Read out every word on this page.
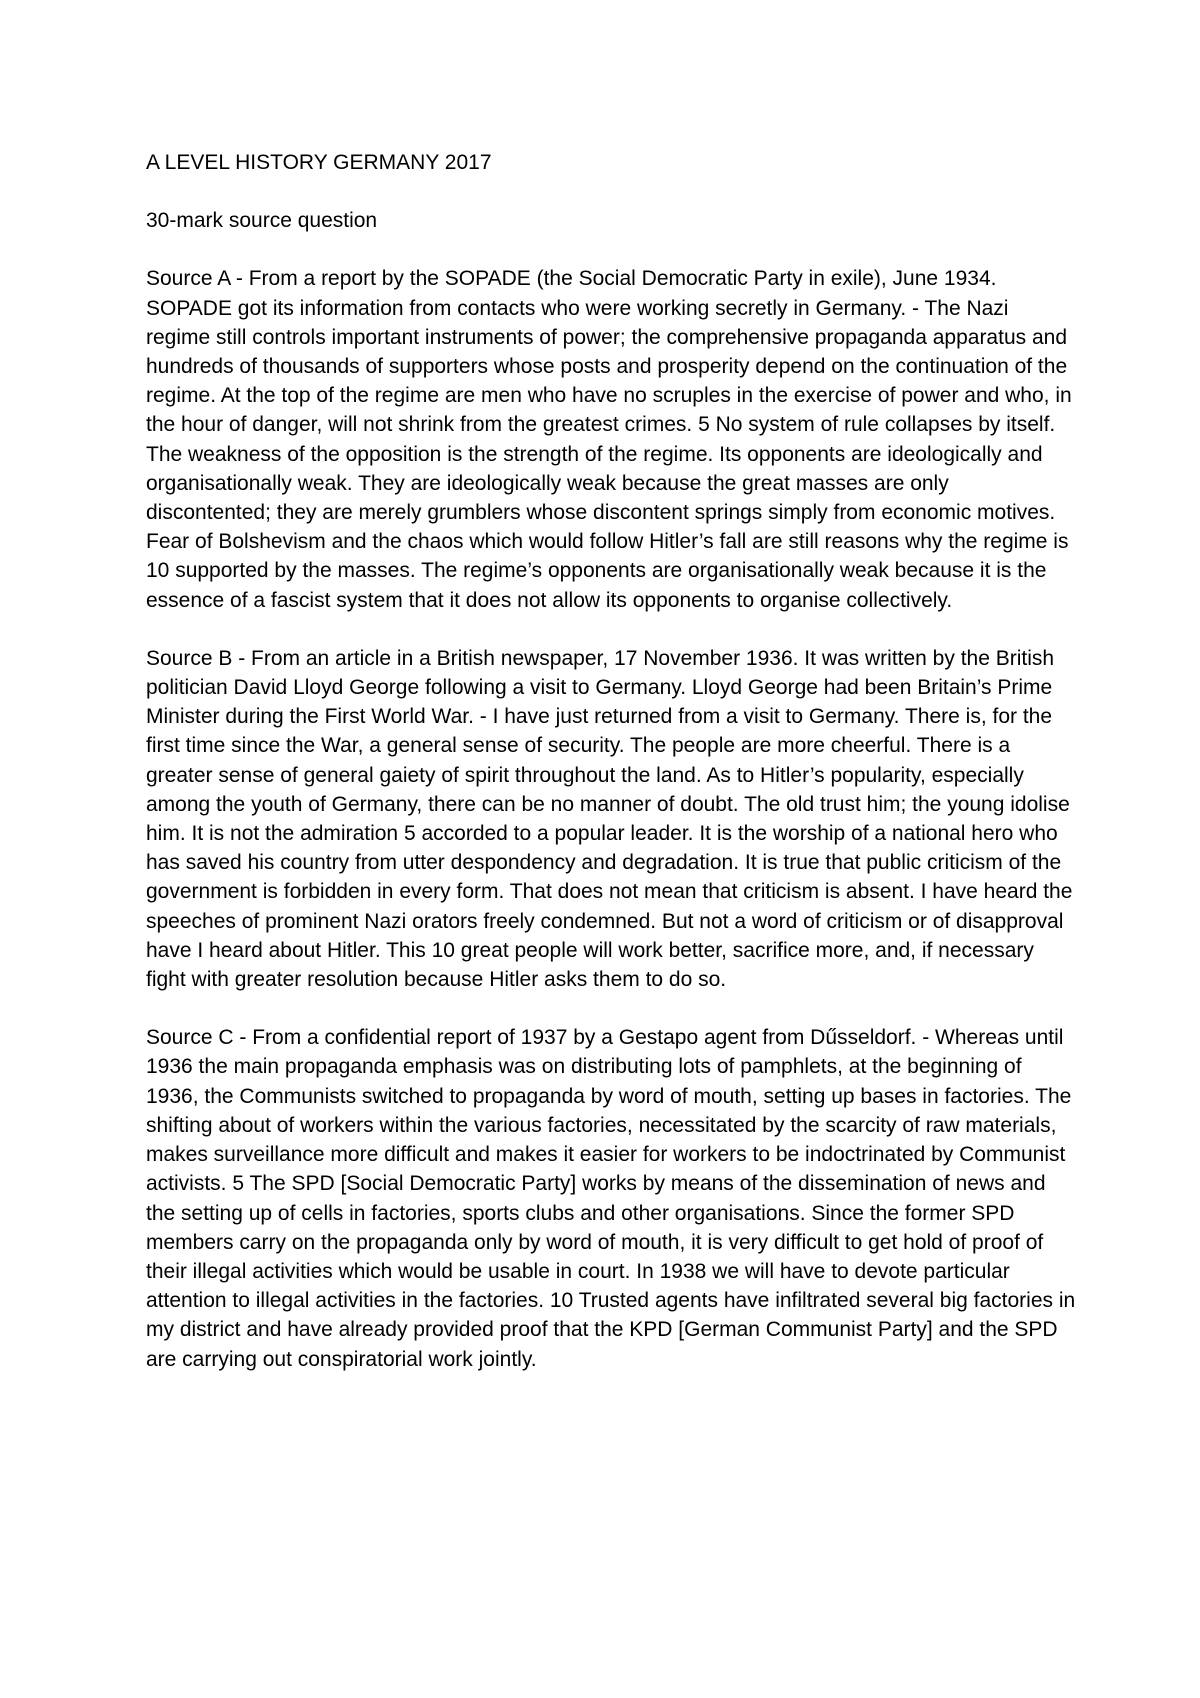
A LEVEL HISTORY GERMANY 2017

30-mark source question

Source A - From a report by the SOPADE (the Social Democratic Party in exile), June 1934. SOPADE got its information from contacts who were working secretly in Germany. - The Nazi regime still controls important instruments of power; the comprehensive propaganda apparatus and hundreds of thousands of supporters whose posts and prosperity depend on the continuation of the regime. At the top of the regime are men who have no scruples in the exercise of power and who, in the hour of danger, will not shrink from the greatest crimes. 5 No system of rule collapses by itself. The weakness of the opposition is the strength of the regime. Its opponents are ideologically and organisationally weak. They are ideologically weak because the great masses are only discontented; they are merely grumblers whose discontent springs simply from economic motives. Fear of Bolshevism and the chaos which would follow Hitler’s fall are still reasons why the regime is 10 supported by the masses. The regime’s opponents are organisationally weak because it is the essence of a fascist system that it does not allow its opponents to organise collectively.

Source B - From an article in a British newspaper, 17 November 1936. It was written by the British politician David Lloyd George following a visit to Germany. Lloyd George had been Britain’s Prime Minister during the First World War. - I have just returned from a visit to Germany. There is, for the first time since the War, a general sense of security. The people are more cheerful. There is a greater sense of general gaiety of spirit throughout the land. As to Hitler’s popularity, especially among the youth of Germany, there can be no manner of doubt. The old trust him; the young idolise him. It is not the admiration 5 accorded to a popular leader. It is the worship of a national hero who has saved his country from utter despondency and degradation. It is true that public criticism of the government is forbidden in every form. That does not mean that criticism is absent. I have heard the speeches of prominent Nazi orators freely condemned. But not a word of criticism or of disapproval have I heard about Hitler. This 10 great people will work better, sacrifice more, and, if necessary fight with greater resolution because Hitler asks them to do so.

Source C - From a confidential report of 1937 by a Gestapo agent from Dűsseldorf. - Whereas until 1936 the main propaganda emphasis was on distributing lots of pamphlets, at the beginning of 1936, the Communists switched to propaganda by word of mouth, setting up bases in factories. The shifting about of workers within the various factories, necessitated by the scarcity of raw materials, makes surveillance more difficult and makes it easier for workers to be indoctrinated by Communist activists. 5 The SPD [Social Democratic Party] works by means of the dissemination of news and the setting up of cells in factories, sports clubs and other organisations. Since the former SPD members carry on the propaganda only by word of mouth, it is very difficult to get hold of proof of their illegal activities which would be usable in court. In 1938 we will have to devote particular attention to illegal activities in the factories. 10 Trusted agents have infiltrated several big factories in my district and have already provided proof that the KPD [German Communist Party] and the SPD are carrying out conspiratorial work jointly.
